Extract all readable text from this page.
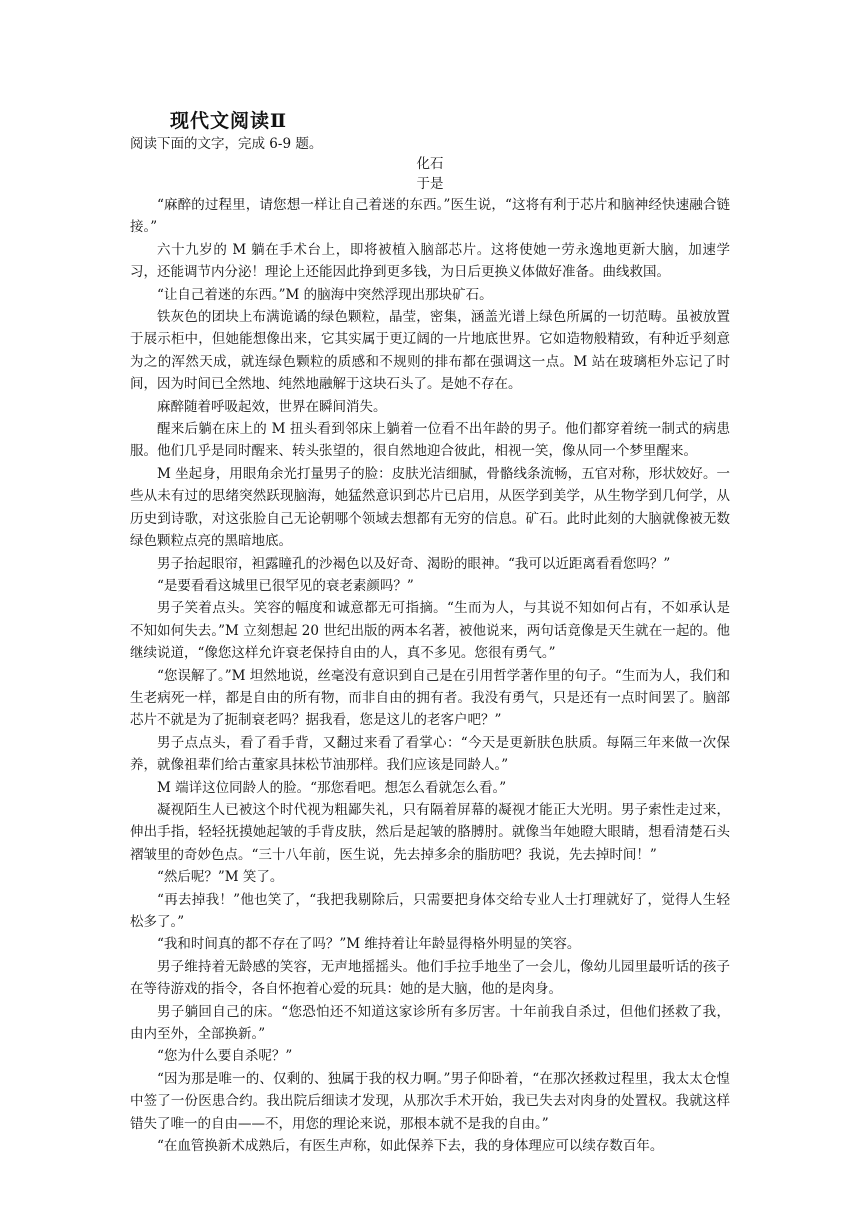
现代文阅读Ⅱ
阅读下面的文字，完成 6-9 题。
化石
于是

“麻醉的过程里，请您想一样让自己着迷的东西。”医生说，“这将有利于芯片和脑神经快速融合链接。”

六十九岁的 M 躺在手术台上，即将被植入脑部芯片。这将使她一劳永逸地更新大脑，加速学习，还能调节内分泌！理论上还能因此挣到更多钱，为日后更换义体做好准备。曲线救国。

“让自己着迷的东西。”M 的脑海中突然浮现出那块矿石。

铁灰色的团块上布满诡谲的绿色颗粒，晶莹，密集，涵盖光谱上绿色所属的一切范畴。虽被放置于展示柜中，但她能想像出来，它其实属于更辽阔的一片地底世界。它如造物般精致，有种近乎刻意为之的浑然天成，就连绿色颗粒的质感和不规则的排布都在强调这一点。M 站在玻璃柜外忘记了时间，因为时间已全然地、纯然地融解于这块石头了。是她不存在。

麻醉随着呼吸起效，世界在瞬间消失。

醒来后躺在床上的 M 扭头看到邻床上躺着一位看不出年龄的男子。他们都穿着统一制式的病患服。他们几乎是同时醒来、转头张望的，很自然地迎合彼此，相视一笑，像从同一个梦里醒来。

M 坐起身，用眼角余光打量男子的脸：皮肤光洁细腻，骨骼线条流畅，五官对称，形状姣好。一些从未有过的思绪突然跃现脑海，她猛然意识到芯片已启用，从医学到美学，从生物学到几何学，从历史到诗歌，对这张脸自己无论朝哪个领域去想都有无穷的信息。矿石。此时此刻的大脑就像被无数绿色颗粒点亮的黑暗地底。

男子抬起眼帘，袒露瞳孔的沙褐色以及好奇、渴盼的眼神。“我可以近距离看看您吗？”

“是要看看这城里已很罕见的衰老素颜吗？”

男子笑着点头。笑容的幅度和诚意都无可指摘。“生而为人，与其说不知如何占有，不如承认是不知如何失去。”M 立刻想起 20 世纪出版的两本名著，被他说来，两句话竟像是天生就在一起的。他继续说道，“像您这样允许衰老保持自由的人，真不多见。您很有勇气。”

“您误解了。”M 坦然地说，丝毫没有意识到自己是在引用哲学著作里的句子。“生而为人，我们和生老病死一样，都是自由的所有物，而非自由的拥有者。我没有勇气，只是还有一点时间罢了。脑部芯片不就是为了扼制衰老吗？据我看，您是这儿的老客户吧？”

男子点点头，看了看手背，又翻过来看了看掌心：“今天是更新肤色肤质。每隔三年来做一次保养，就像祖辈们给古董家具抹松节油那样。我们应该是同龄人。”

M 端详这位同龄人的脸。“那您看吧。想怎么看就怎么看。”

凝视陌生人已被这个时代视为粗鄙失礼，只有隔着屏幕的凝视才能正大光明。男子索性走过来，伸出手指，轻轻抚摸她起皱的手背皮肤，然后是起皱的胳膊肘。就像当年她瞪大眼睛，想看清楚石头褶皱里的奇妙色点。“三十八年前，医生说，先去掉多余的脂肪吧？我说，先去掉时间！”

“然后呢？”M 笑了。

“再去掉我！”他也笑了，“我把我剔除后，只需要把身体交给专业人士打理就好了，觉得人生轻松多了。”

“我和时间真的都不存在了吗？”M 维持着让年龄显得格外明显的笑容。

男子维持着无龄感的笑容，无声地摇摇头。他们手拉手地坐了一会儿，像幼儿园里最听话的孩子在等待游戏的指令，各自怀抱着心爱的玩具：她的是大脑，他的是肉身。

男子躺回自己的床。“您恐怕还不知道这家诊所有多厉害。十年前我自杀过，但他们拯救了我，由内至外，全部换新。”

“您为什么要自杀呢？”

“因为那是唯一的、仅剩的、独属于我的权力啊。”男子仰卧着，“在那次拯救过程里，我太太仓惶中签了一份医患合约。我出院后细读才发现，从那次手术开始，我已失去对肉身的处置权。我就这样错失了唯一的自由——不，用您的理论来说，那根本就不是我的自由。”

“在血管换新术成熟后，有医生声称，如此保养下去，我的身体理应可以续存数百年。
